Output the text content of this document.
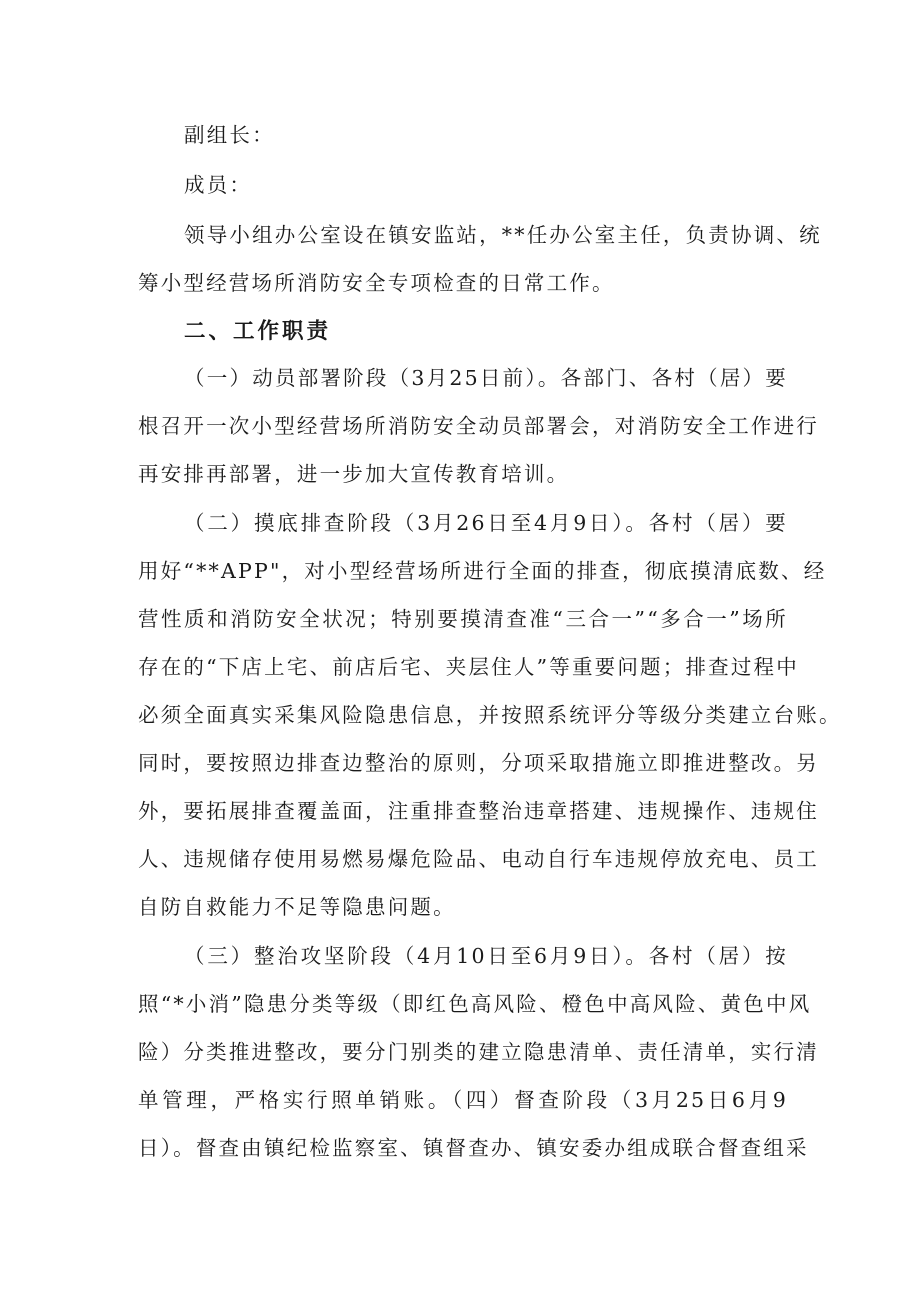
副组长：
成员：
领导小组办公室设在镇安监站，**任办公室主任，负责协调、统
筹小型经营场所消防安全专项检查的日常工作。
二、工作职责
（一）动员部署阶段（3月25日前）。各部门、各村（居）要
根召开一次小型经营场所消防安全动员部署会，对消防安全工作进行
再安排再部署，进一步加大宣传教育培训。
（二）摸底排查阶段（3月26日至4月9日）。各村（居）要
用好“**APP"，对小型经营场所进行全面的排查，彻底摸清底数、经
营性质和消防安全状况；特别要摸清查准“三合一”“多合一”场所
存在的“下店上宅、前店后宅、夹层住人”等重要问题；排查过程中
必须全面真实采集风险隐患信息，并按照系统评分等级分类建立台账。
同时，要按照边排查边整治的原则，分项采取措施立即推进整改。另
外，要拓展排查覆盖面，注重排查整治违章搭建、违规操作、违规住
人、违规储存使用易燃易爆危险品、电动自行车违规停放充电、员工
自防自救能力不足等隐患问题。
（三）整治攻坚阶段（4月10日至6月9日）。各村（居）按
照“*小消”隐患分类等级（即红色高风险、橙色中高风险、黄色中风
险）分类推进整改，要分门别类的建立隐患清单、责任清单，实行清
单管理，严格实行照单销账。（四）督查阶段（3月25日6月9
日）。督查由镇纪检监察室、镇督查办、镇安委办组成联合督查组采
